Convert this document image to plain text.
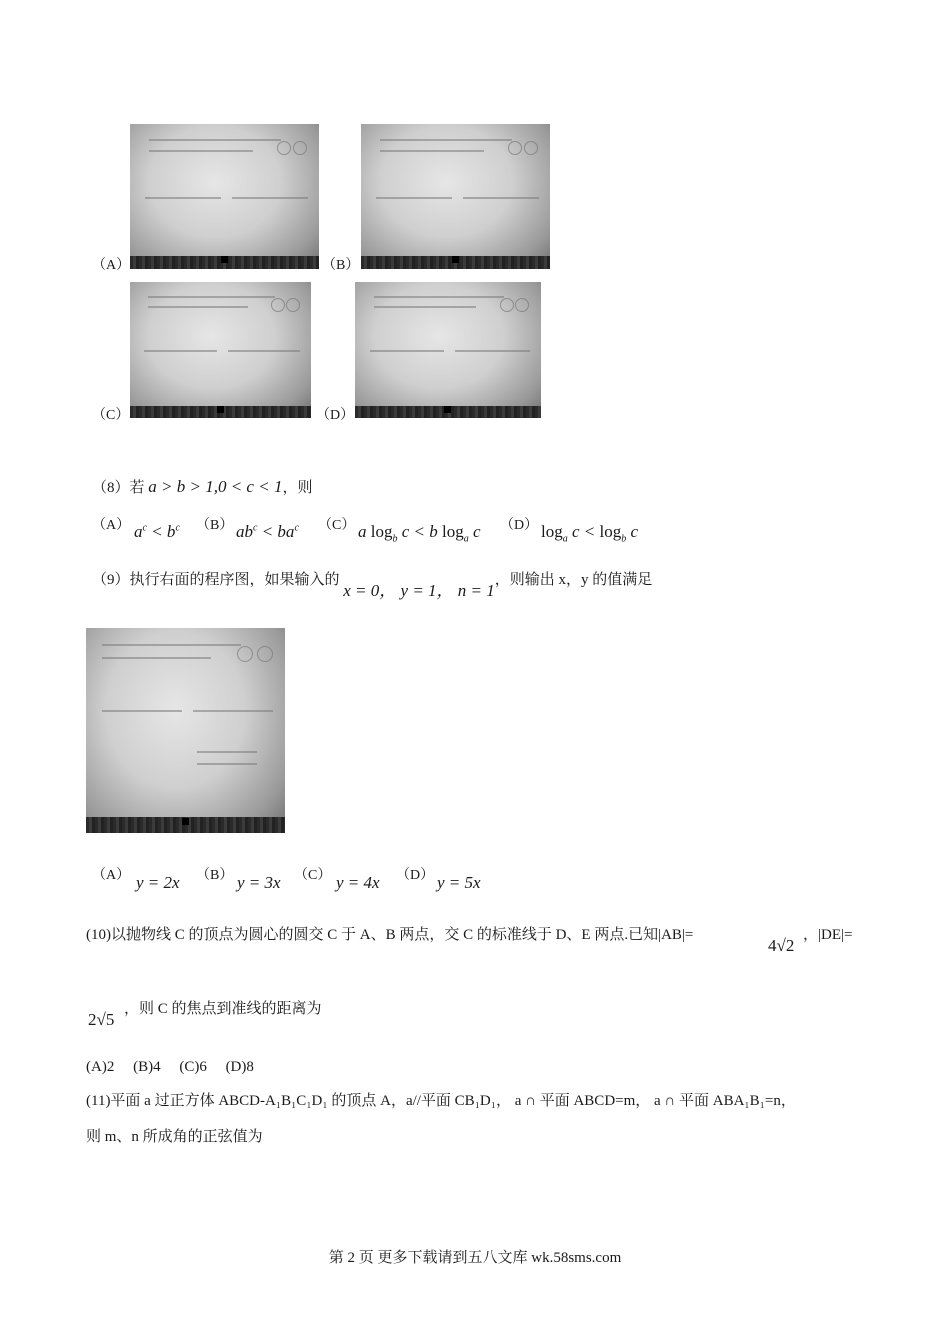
（A）	（B）
（C）	（D）
（8）若 a > b > 1,0 < c < 1，则
（A） $a^c < b^c$ （B） $ab^c < ba^c$ （C） a $\log_b c < b$ $\log_a c$ （D） $\log_a c < \log_b c$
（9）执行右面的程序图，如果输入的 x = 0， y = 1， n = 1，则输出 x，y 的值满足
（A） y = 2x （B） y = 3x （C） y = 4x （D） y = 5x
(10)以抛物线 C 的顶点为圆心的圆交 C 于 A、B 两点，交 C 的标准线于 D、E 两点.已知|AB|=
4√2
，|DE|=
2√5
，则 C 的焦点到准线的距离为
(A)2     (B)4     (C)6     (D)8
(11)平面 a 过正方体 ABCD-A₁B₁C₁D₁ 的顶点 A，a//平面 CB₁D₁， a ∩ 平面 ABCD=m， a ∩ 平面 ABA₁B₁=n，
则 m、n 所成角的正弦值为
第 2 页 更多下载请到五八文库 wk.58sms.com
